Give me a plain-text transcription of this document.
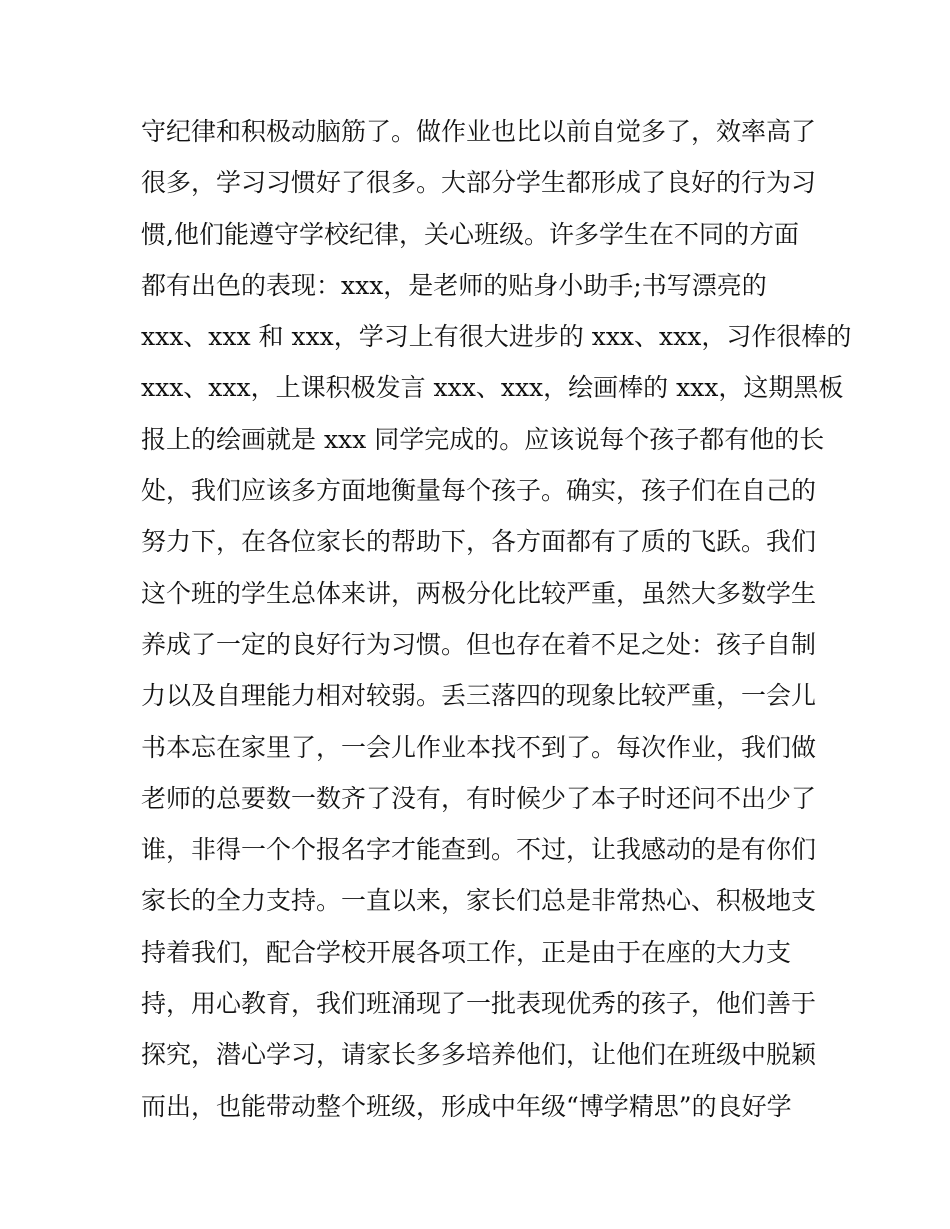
守纪律和积极动脑筋了。做作业也比以前自觉多了，效率高了
很多，学习习惯好了很多。大部分学生都形成了良好的行为习
惯,他们能遵守学校纪律，关心班级。许多学生在不同的方面
都有出色的表现：xxx，是老师的贴身小助手;书写漂亮的
xxx、xxx 和 xxx，学习上有很大进步的 xxx、xxx，习作很棒的
xxx、xxx，上课积极发言 xxx、xxx，绘画棒的 xxx，这期黑板
报上的绘画就是 xxx 同学完成的。应该说每个孩子都有他的长
处，我们应该多方面地衡量每个孩子。确实，孩子们在自己的
努力下，在各位家长的帮助下，各方面都有了质的飞跃。我们
这个班的学生总体来讲，两极分化比较严重，虽然大多数学生
养成了一定的良好行为习惯。但也存在着不足之处：孩子自制
力以及自理能力相对较弱。丢三落四的现象比较严重，一会儿
书本忘在家里了，一会儿作业本找不到了。每次作业，我们做
老师的总要数一数齐了没有，有时候少了本子时还问不出少了
谁，非得一个个报名字才能查到。不过，让我感动的是有你们
家长的全力支持。一直以来，家长们总是非常热心、积极地支
持着我们，配合学校开展各项工作，正是由于在座的大力支
持，用心教育，我们班涌现了一批表现优秀的孩子，他们善于
探究，潜心学习，请家长多多培养他们，让他们在班级中脱颖
而出，也能带动整个班级，形成中年级“博学精思”的良好学
